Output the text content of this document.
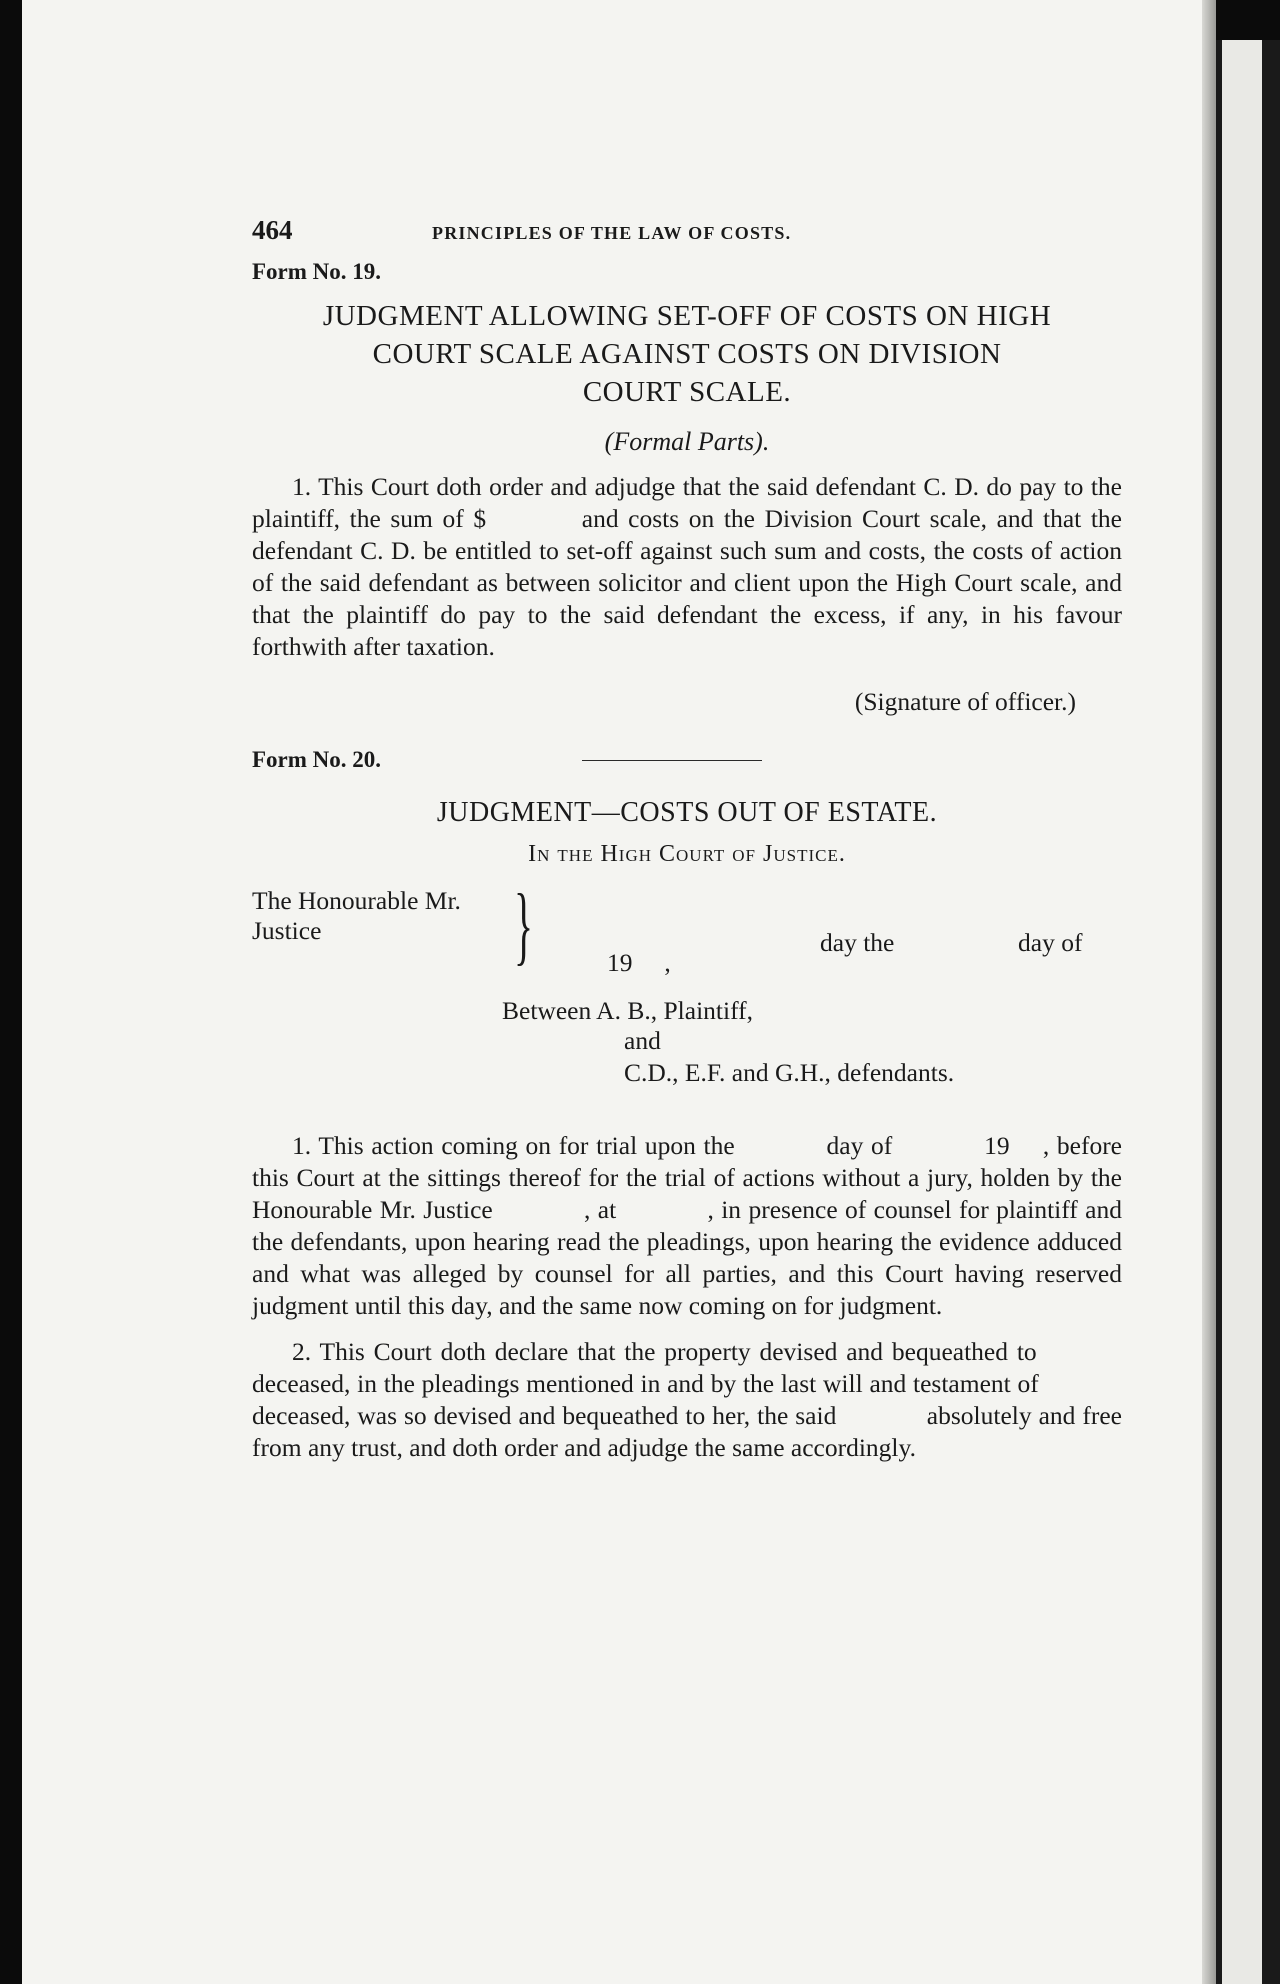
464	PRINCIPLES OF THE LAW OF COSTS.
Form No. 19.
JUDGMENT ALLOWING SET-OFF OF COSTS ON HIGH
COURT SCALE AGAINST COSTS ON DIVISION
COURT SCALE.
(Formal Parts).

1. This Court doth order and adjudge that the said defendant C. D. do pay to the plaintiff, the sum of $     and costs on the Division Court scale, and that the defendant C. D. be entitled to set-off against such sum and costs, the costs of action of the said defendant as between solicitor and client upon the High Court scale, and that the plaintiff do pay to the said defendant the excess, if any, in his favour forthwith after taxation.

(Signature of officer.)
Form No. 20.
JUDGMENT—COSTS OUT OF ESTATE.
In the High Court of Justice.
The Honourable Mr.
Justice	}	19  ,
day the	day of
Between A. B., Plaintiff,
and
C.D., E.F. and G.H., defendants.

1. This action coming on for trial upon the     day of     19  , before this Court at the sittings thereof for the trial of actions without a jury, holden by the Honourable Mr. Justice     , at     , in presence of counsel for plaintiff and the defendants, upon hearing read the pleadings, upon hearing the evidence adduced and what was alleged by counsel for all parties, and this Court having reserved judgment until this day, and the same now coming on for judgment.

2. This Court doth declare that the property devised and bequeathed to     deceased, in the pleadings mentioned in and by the last will and testament of     deceased, was so devised and bequeathed to her, the said     absolutely and free from any trust, and doth order and adjudge the same accordingly.
